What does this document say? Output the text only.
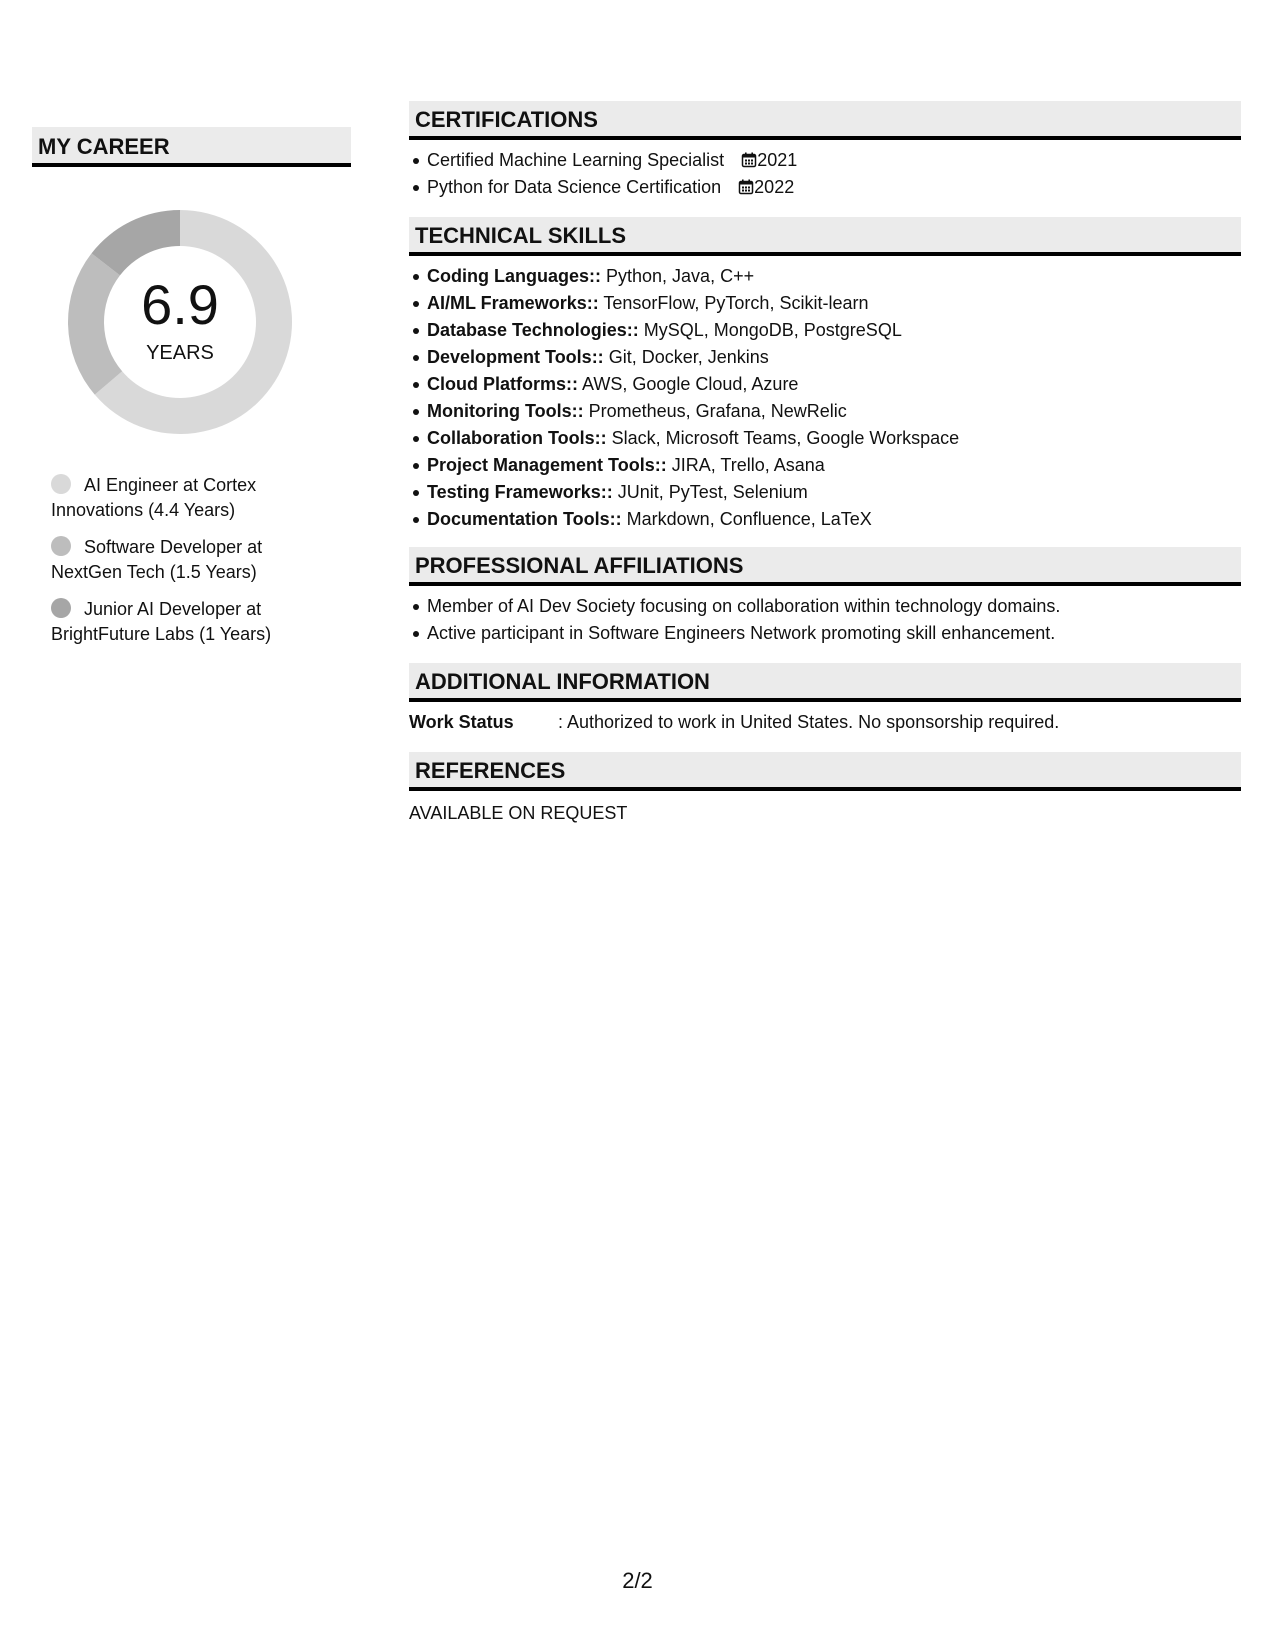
MY CAREER
6.9
YEARS
AI Engineer at Cortex Innovations (4.4 Years)
Software Developer at NextGen Tech (1.5 Years)
Junior AI Developer at BrightFuture Labs (1 Years)
CERTIFICATIONS
Certified Machine Learning Specialist 2021
Python for Data Science Certification 2022
TECHNICAL SKILLS
Coding Languages:: Python, Java, C++
AI/ML Frameworks:: TensorFlow, PyTorch, Scikit-learn
Database Technologies:: MySQL, MongoDB, PostgreSQL
Development Tools:: Git, Docker, Jenkins
Cloud Platforms:: AWS, Google Cloud, Azure
Monitoring Tools:: Prometheus, Grafana, NewRelic
Collaboration Tools:: Slack, Microsoft Teams, Google Workspace
Project Management Tools:: JIRA, Trello, Asana
Testing Frameworks:: JUnit, PyTest, Selenium
Documentation Tools:: Markdown, Confluence, LaTeX
PROFESSIONAL AFFILIATIONS
Member of AI Dev Society focusing on collaboration within technology domains.
Active participant in Software Engineers Network promoting skill enhancement.
ADDITIONAL INFORMATION
Work Status : Authorized to work in United States. No sponsorship required.
REFERENCES
AVAILABLE ON REQUEST
2/2
